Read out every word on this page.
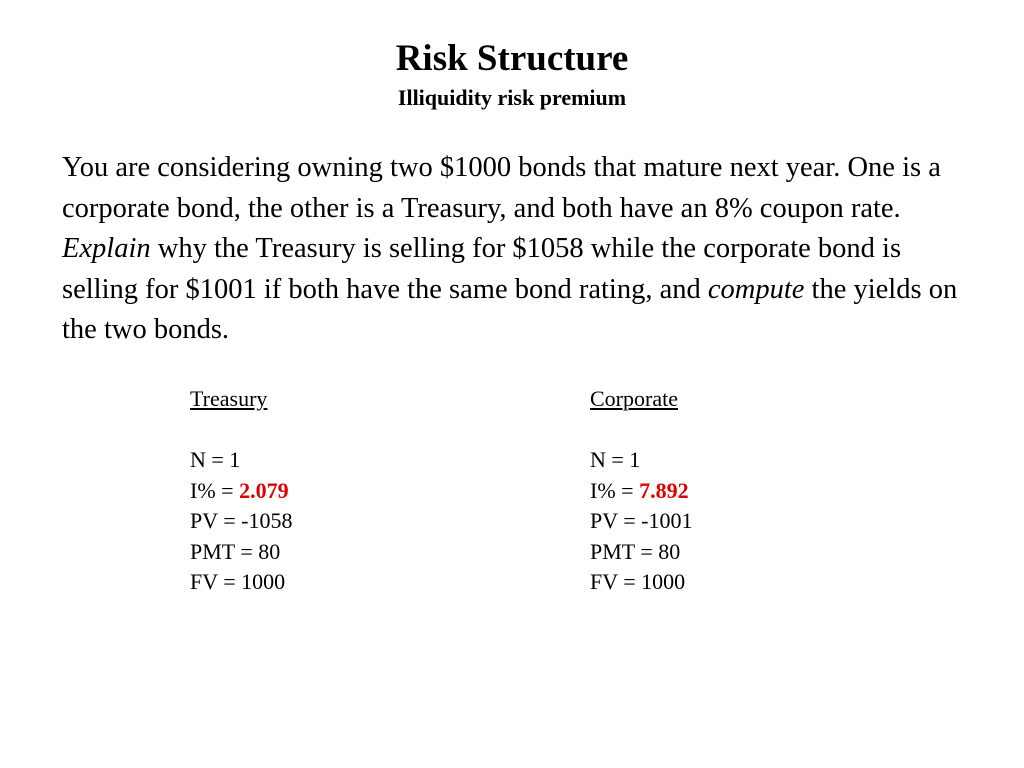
Risk Structure
Illiquidity risk premium

You are considering owning two $1000 bonds that mature next year. One is a corporate bond, the other is a Treasury, and both have an 8% coupon rate. Explain why the Treasury is selling for $1058 while the corporate bond is selling for $1001 if both have the same bond rating, and compute the yields on the two bonds.

Treasury
N = 1
I% = 2.079
PV = -1058
PMT = 80
FV = 1000
Corporate
N = 1
I% = 7.892
PV = -1001
PMT = 80
FV = 1000
